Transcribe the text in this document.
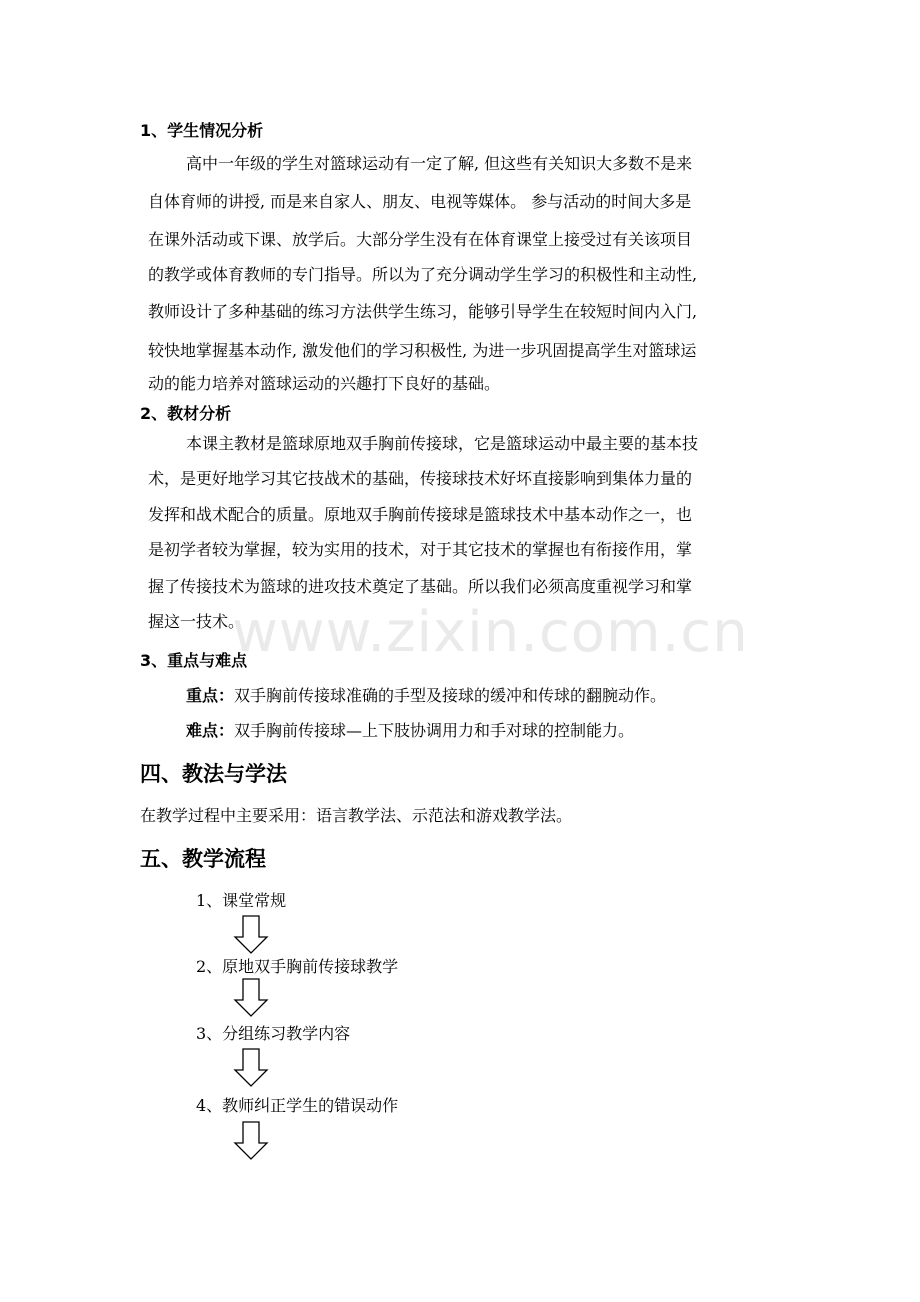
1、学生情况分析
高中一年级的学生对篮球运动有一定了解, 但这些有关知识大多数不是来
自体育师的讲授, 而是来自家人、朋友、电视等媒体。 参与活动的时间大多是
在课外活动或下课、放学后。大部分学生没有在体育课堂上接受过有关该项目
的教学或体育教师的专门指导。所以为了充分调动学生学习的积极性和主动性,
教师设计了多种基础的练习方法供学生练习，能够引导学生在较短时间内入门,
较快地掌握基本动作, 激发他们的学习积极性, 为进一步巩固提高学生对篮球运
动的能力培养对篮球运动的兴趣打下良好的基础。
2、教材分析
本课主教材是篮球原地双手胸前传接球，它是篮球运动中最主要的基本技
术，是更好地学习其它技战术的基础，传接球技术好坏直接影响到集体力量的
发挥和战术配合的质量。原地双手胸前传接球是篮球技术中基本动作之一，也
是初学者较为掌握，较为实用的技术，对于其它技术的掌握也有衔接作用，掌
握了传接技术为篮球的进攻技术奠定了基础。所以我们必须高度重视学习和掌
握这一技术。
www.zixin.com.cn
3、重点与难点
重点：双手胸前传接球准确的手型及接球的缓冲和传球的翻腕动作。
难点：双手胸前传接球—上下肢协调用力和手对球的控制能力。
四、教法与学法
在教学过程中主要采用：语言教学法、示范法和游戏教学法。
五、教学流程
1、课堂常规
2、原地双手胸前传接球教学
3、分组练习教学内容
4、教师纠正学生的错误动作
